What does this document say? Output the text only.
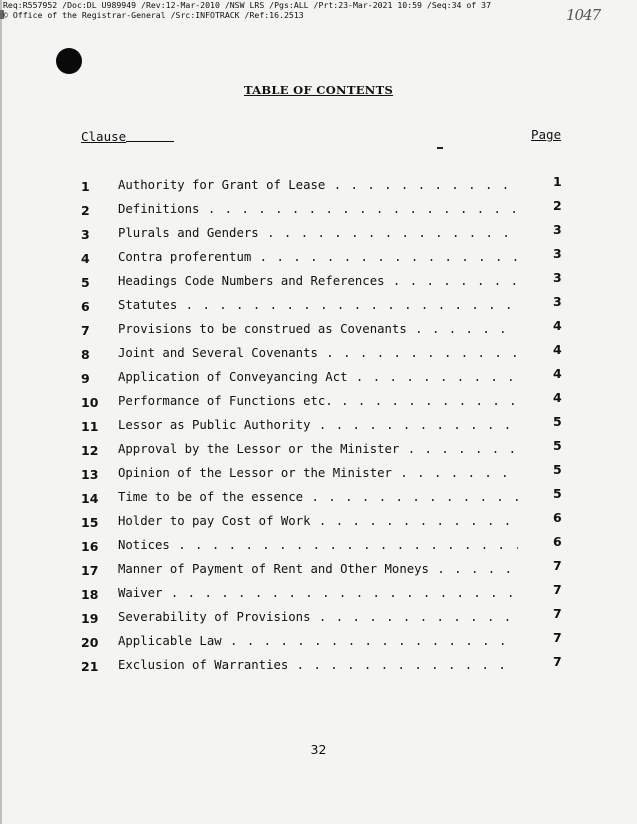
Req:R557952 /Doc:DL U989949 /Rev:12-Mar-2010 /NSW LRS /Pgs:ALL /Prt:23-Mar-2021 10:59 /Seq:34 of 37
© Office of the Registrar-General /Src:INFOTRACK /Ref:16.2513	1047
TABLE OF CONTENTS
Clause	Page
1 Authority for Grant of Lease . . .	1
2 Definitions . . .	2
3 Plurals and Genders . . .	3
4 Contra proferentum . . .	3
5 Headings Code Numbers and References . . .	3
6 Statutes . . .	3
7 Provisions to be construed as Covenants . . .	4
8 Joint and Several Covenants . . .	4
9 Application of Conveyancing Act . . .	4
10 Performance of Functions etc. . . .	4
11 Lessor as Public Authority . . .	5
12 Approval by the Lessor or the Minister . . .	5
13 Opinion of the Lessor or the Minister . . .	5
14 Time to be of the essence . . .	5
15 Holder to pay Cost of Work . . .	6
16 Notices . . .	6
17 Manner of Payment of Rent and Other Moneys . . .	7
18 Waiver . . .	7
19 Severability of Provisions . . .	7
20 Applicable Law . . .	7
21 Exclusion of Warranties . . .	7
32
